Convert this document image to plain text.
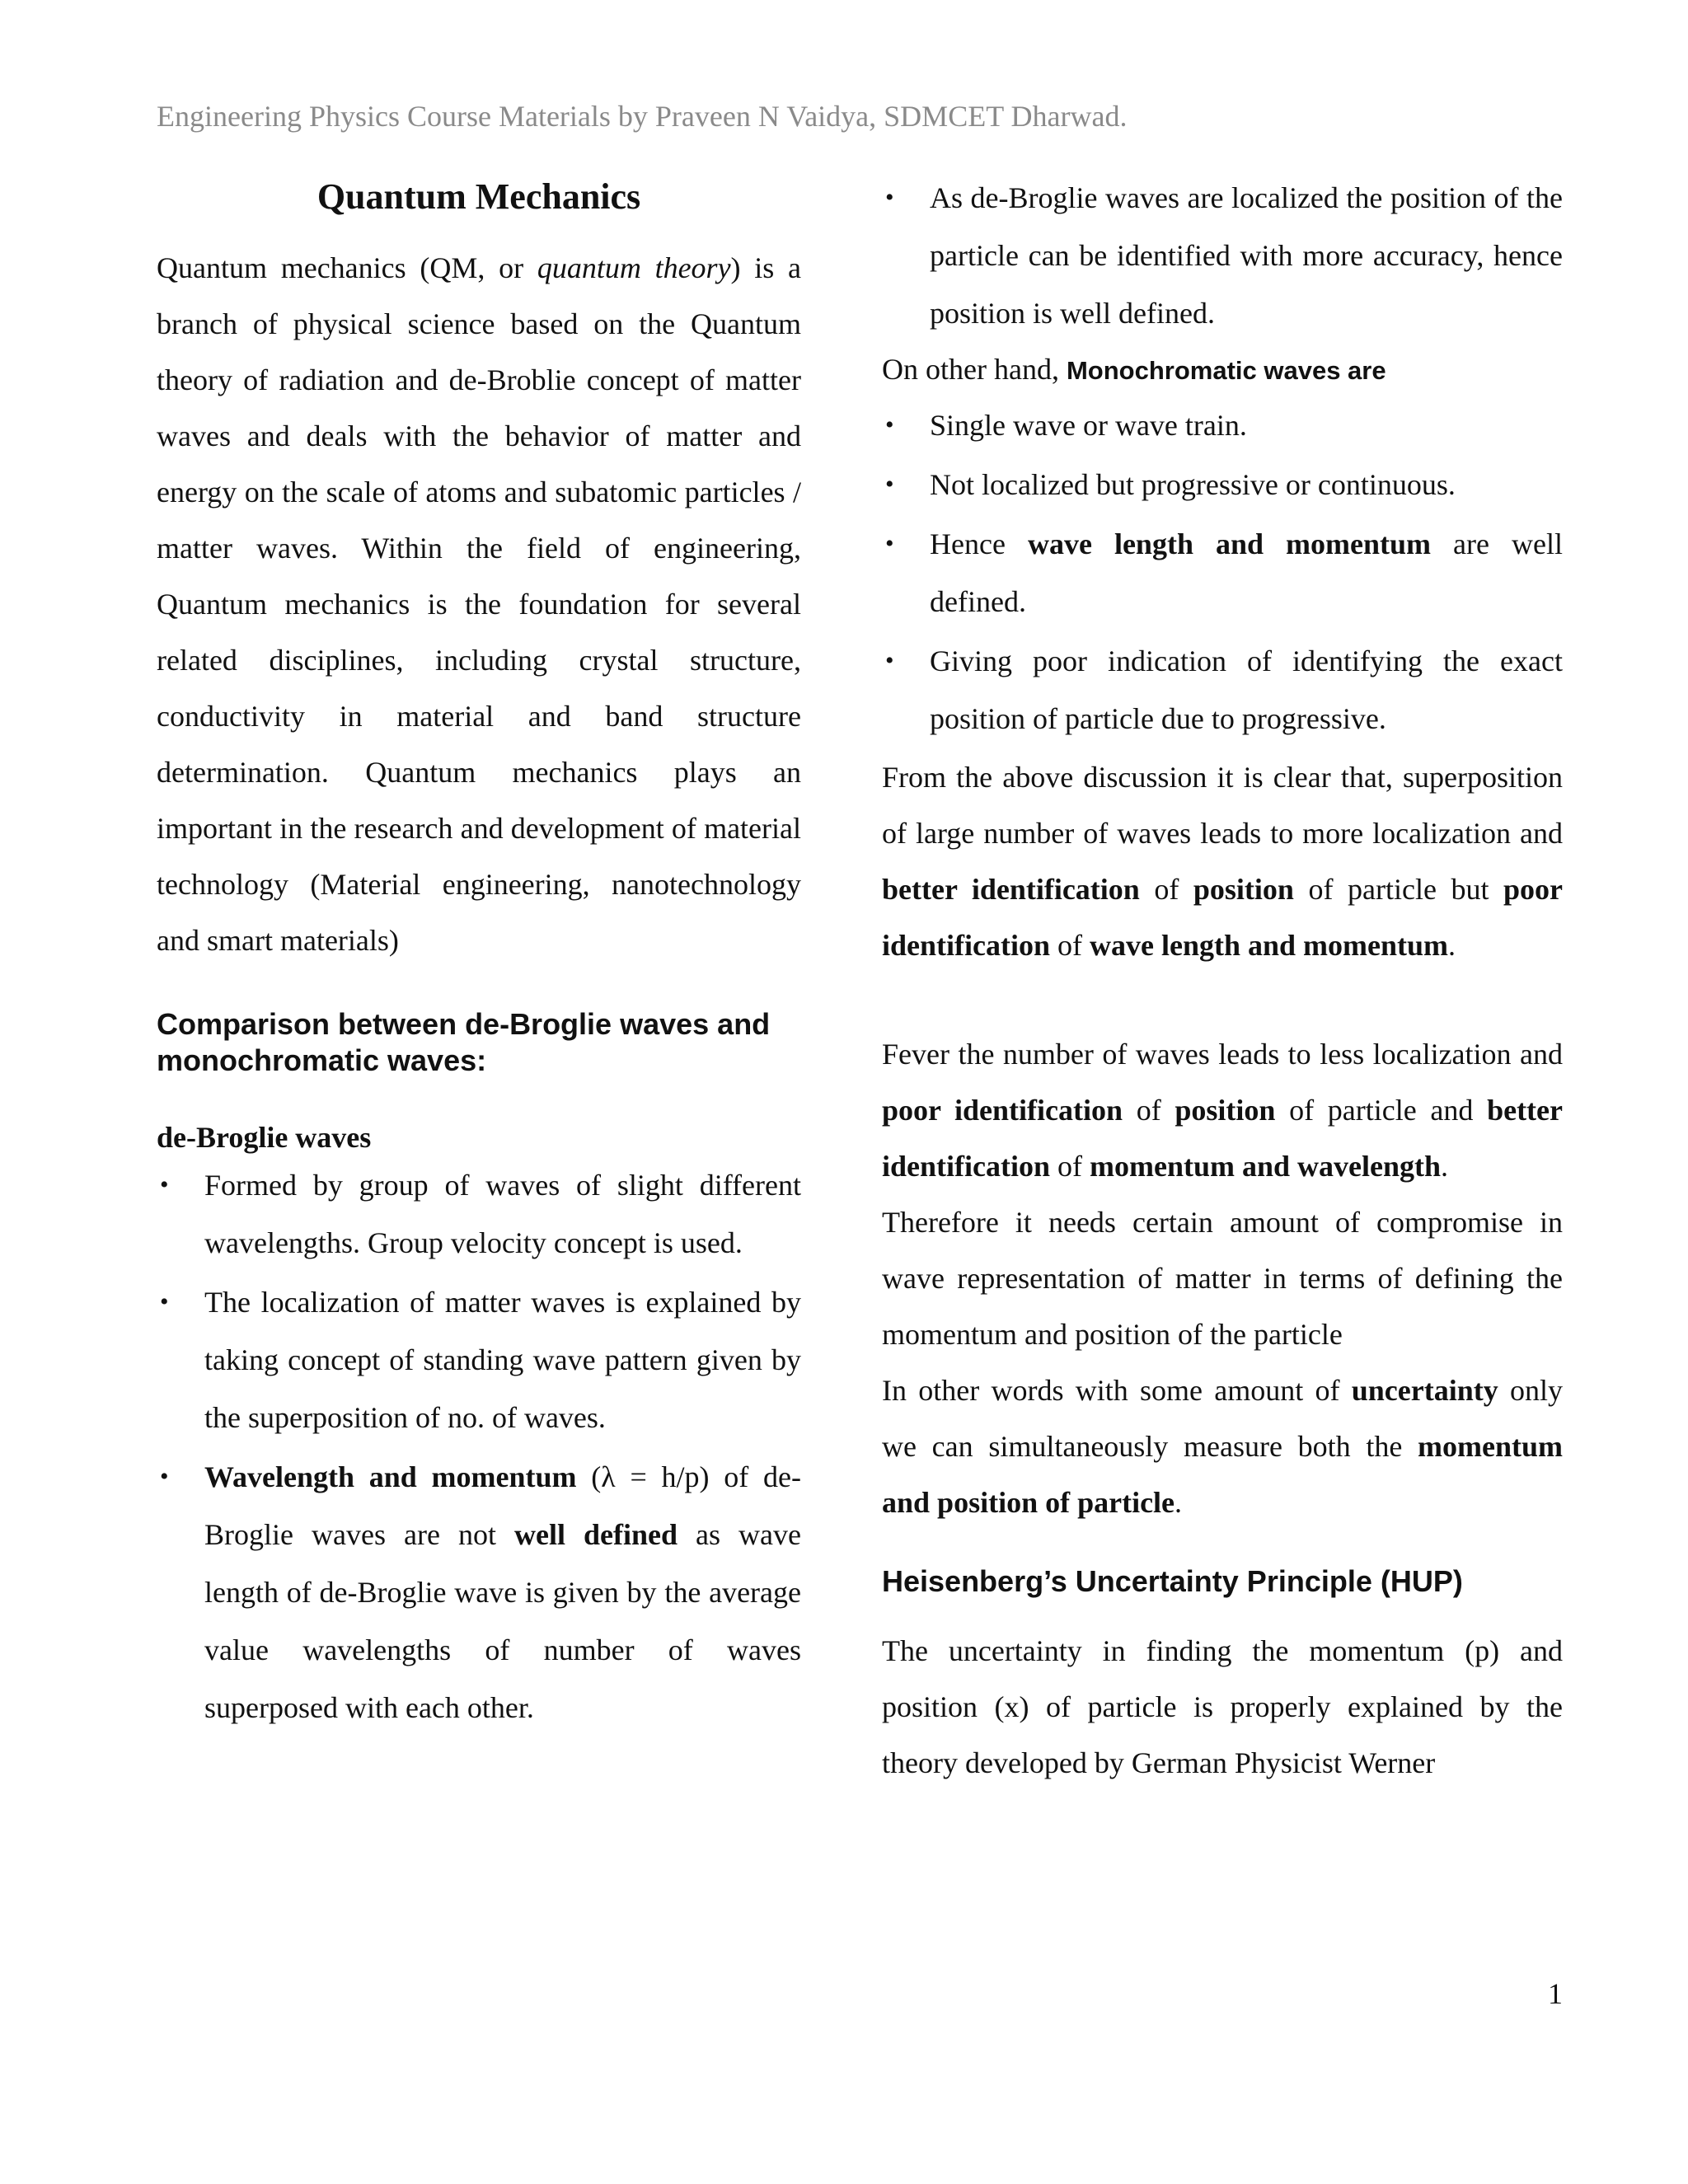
Engineering Physics Course Materials by Praveen N Vaidya, SDMCET Dharwad.
Quantum Mechanics

Quantum mechanics (QM, or quantum theory) is a branch of physical science based on the Quantum theory of radiation and de-Broblie concept of matter waves and deals with the behavior of matter and energy on the scale of atoms and subatomic particles / matter waves. Within the field of engineering, Quantum mechanics is the foundation for several related disciplines, including crystal structure, conductivity in material and band structure determination. Quantum mechanics plays an important in the research and development of material technology (Material engineering, nanotechnology and smart materials)

Comparison between de-Broglie waves and monochromatic waves:
de-Broglie waves
• Formed by group of waves of slight different wavelengths. Group velocity concept is used.
• The localization of matter waves is explained by taking concept of standing wave pattern given by the superposition of no. of waves.
• Wavelength and momentum (λ = h/p) of de-Broglie waves are not well defined as wave length of de-Broglie wave is given by the average value wavelengths of number of waves superposed with each other.
• As de-Broglie waves are localized the position of the particle can be identified with more accuracy, hence position is well defined.

On other hand, Monochromatic waves are

• Single wave or wave train.
• Not localized but progressive or continuous.
• Hence wave length and momentum are well defined.
• Giving poor indication of identifying the exact position of particle due to progressive.

From the above discussion it is clear that, superposition of large number of waves leads to more localization and better identification of position of particle but poor identification of wave length and momentum.

Fever the number of waves leads to less localization and poor identification of position of particle and better identification of momentum and wavelength.

Therefore it needs certain amount of compromise in wave representation of matter in terms of defining the momentum and position of the particle

In other words with some amount of uncertainty only we can simultaneously measure both the momentum and position of particle.

Heisenberg’s Uncertainty Principle (HUP)

The uncertainty in finding the momentum (p) and position (x) of particle is properly explained by the theory developed by German Physicist Werner

1
